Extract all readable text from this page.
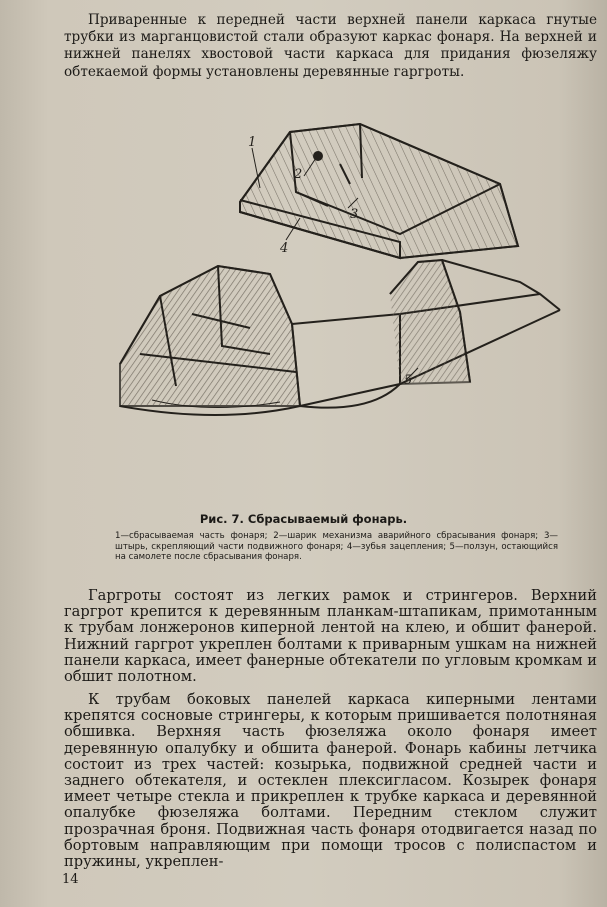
Приваренные к передней части верхней панели каркаса гнутые трубки из марганцовистой стали образуют каркас фонаря. На верхней и нижней панелях хвостовой части каркаса для придания фюзеляжу обтекаемой формы установлены деревянные гаргроты.

1
2
3
4
5
Рис. 7. Сбрасываемый фонарь.

1—сбрасываемая часть фонаря; 2—шарик механизма аварийного сбрасывания фонаря; 3—штырь, скрепляющий части подвижного фонаря; 4—зубья зацепления; 5—ползун, остающийся на самолете после сбрасывания фонаря.

Гаргроты состоят из легких рамок и стрингеров. Верхний гаргрот крепится к деревянным планкам-штапикам, примотанным к трубам лонжеронов киперной лентой на клею, и обшит фанерой. Нижний гаргрот укреплен болтами к приварным ушкам на нижней панели каркаса, имеет фанерные обтекатели по угловым кромкам и обшит полотном.

К трубам боковых панелей каркаса киперными лентами крепятся сосновые стрингеры, к которым пришивается полотняная обшивка. Верхняя часть фюзеляжа около фонаря имеет деревянную опалубку и обшита фанерой. Фонарь кабины летчика состоит из трех частей: козырька, подвижной средней части и заднего обтекателя, и остеклен плексигласом. Козырек фонаря имеет четыре стекла и прикреплен к трубке каркаса и деревянной опалубке фюзеляжа болтами. Передним стеклом служит прозрачная броня. Подвижная часть фонаря отодвигается назад по бортовым направляющим при помощи тросов с полиспастом и пружины, укреплен-

14
